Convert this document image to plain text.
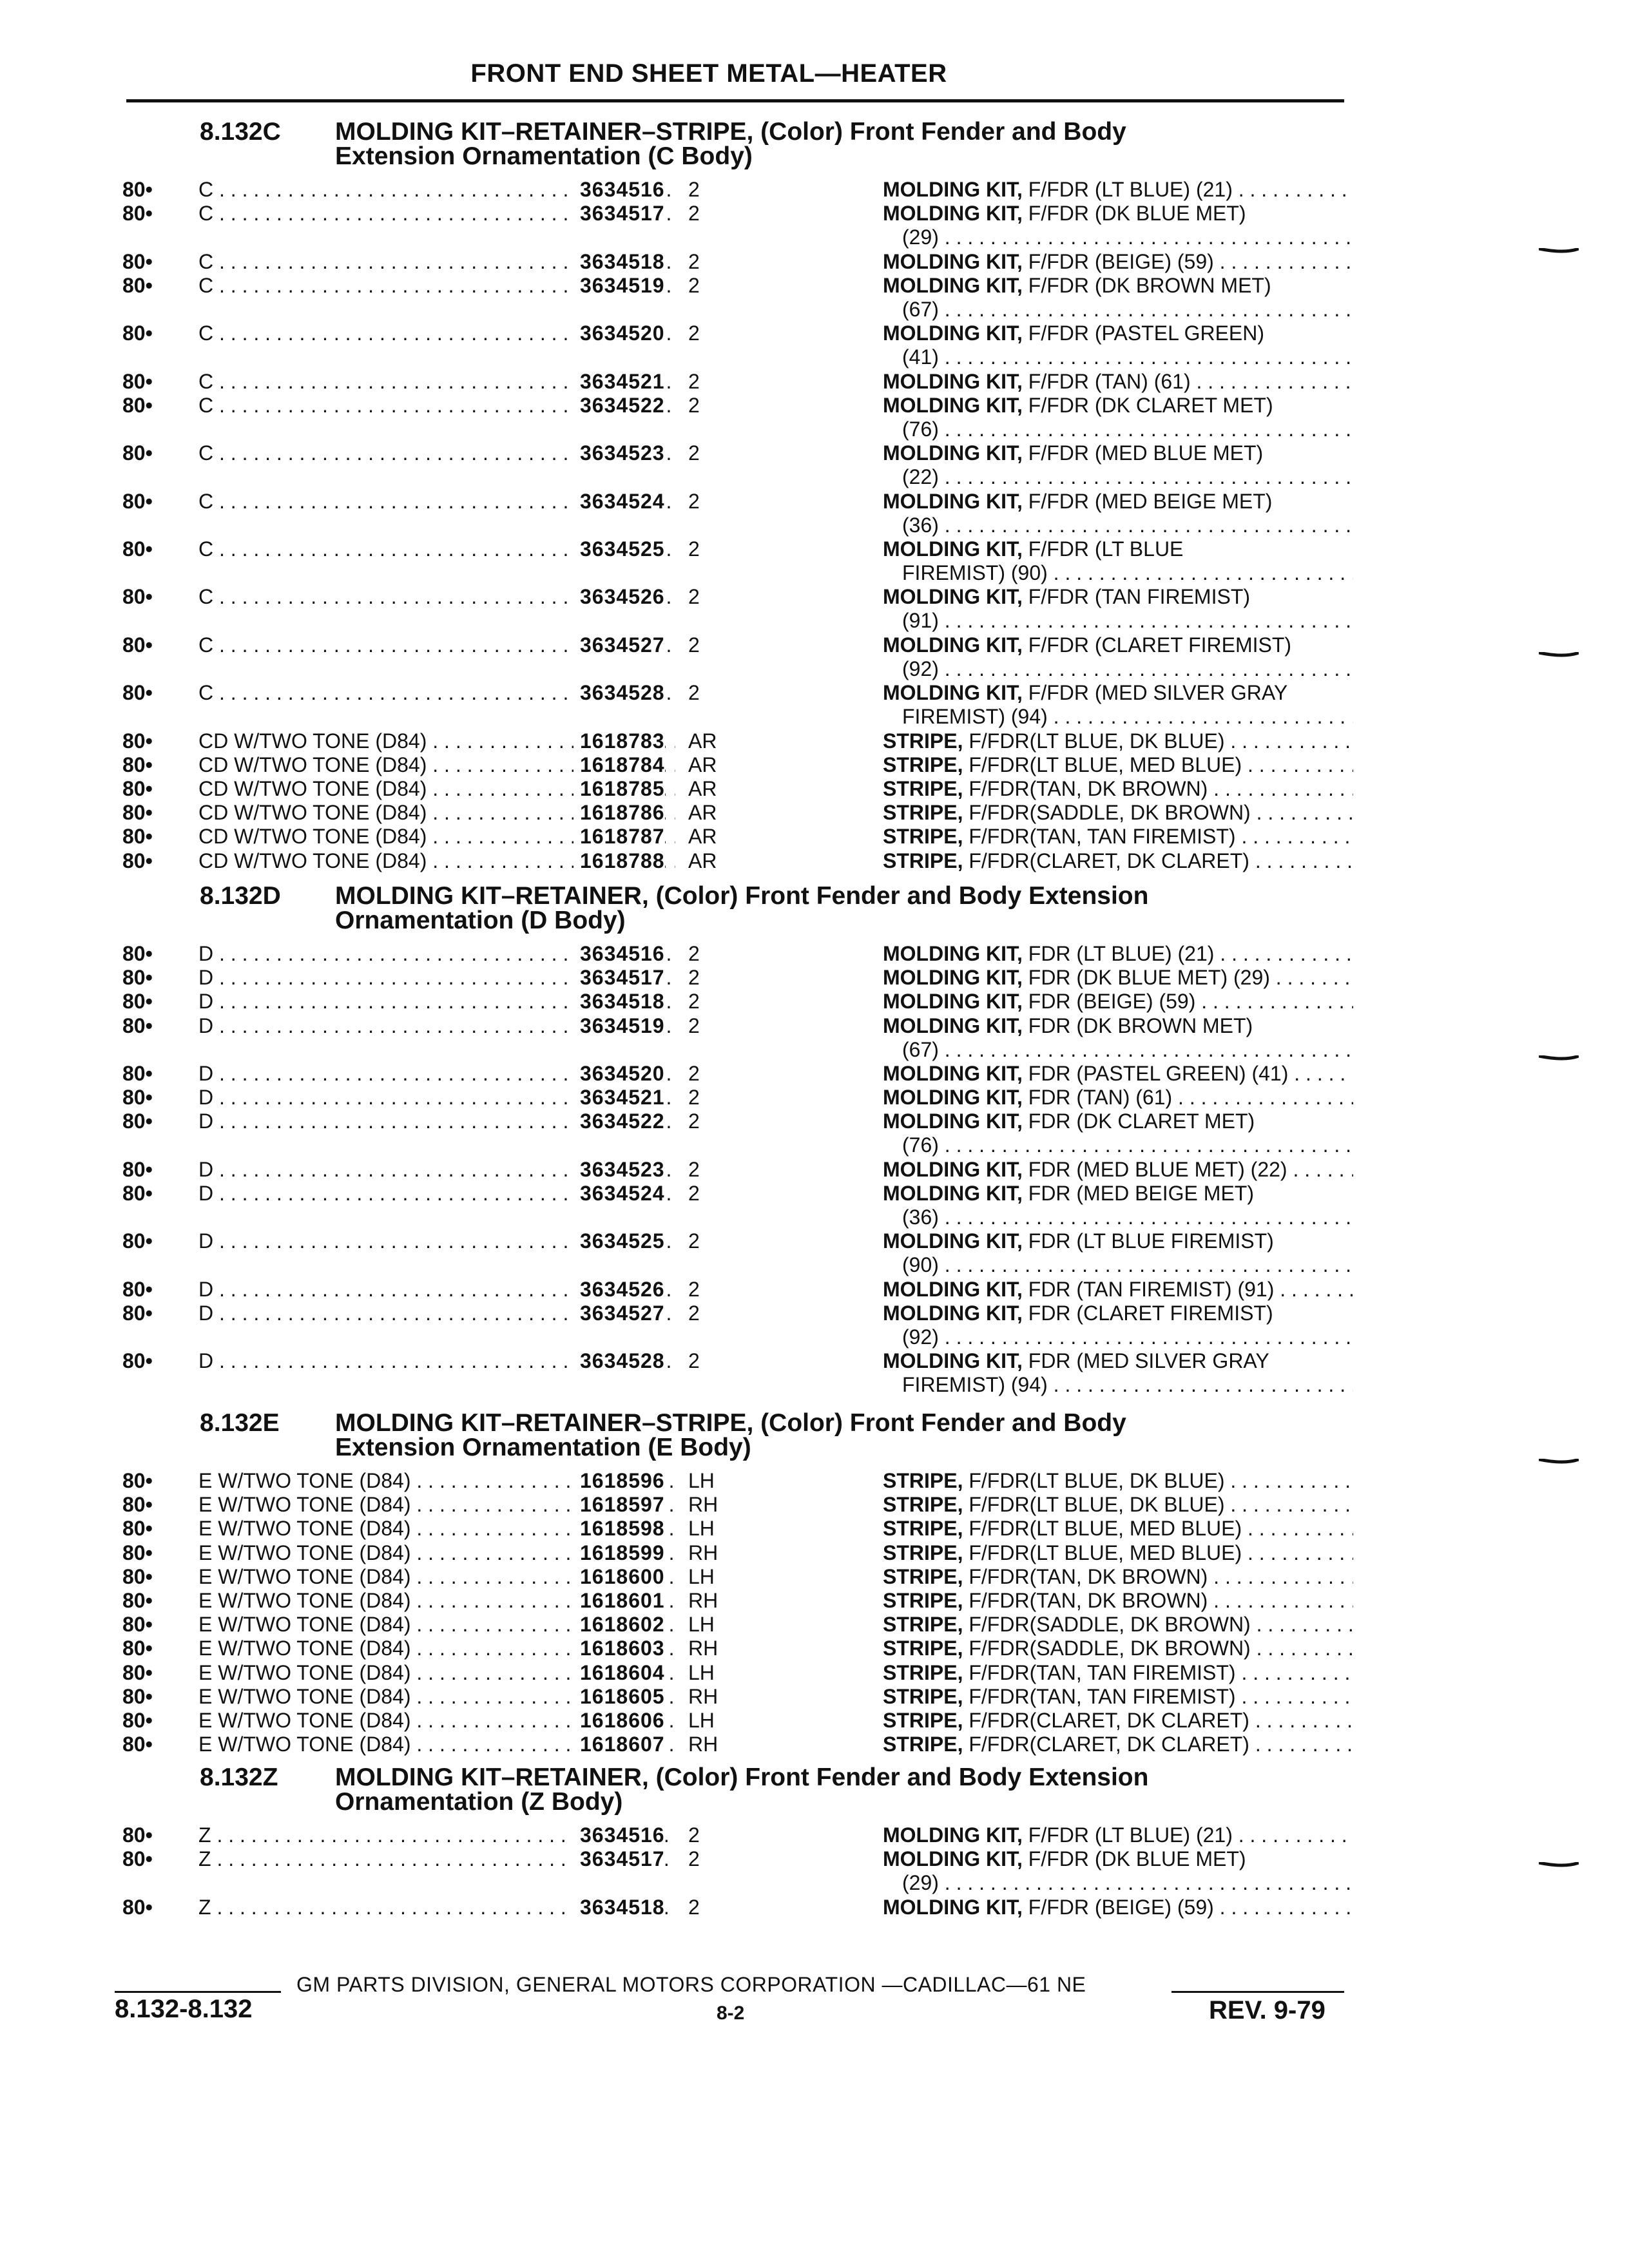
FRONT END SHEET METAL—HEATER
8.132C MOLDING KIT–RETAINER–STRIPE, (Color) Front Fender and Body
Extension Ornamentation (C Body)
80• C . . .	3634516 2	MOLDING KIT, F/FDR (LT BLUE) (21) . . .
80• C . . .	3634517 2	MOLDING KIT, F/FDR (DK BLUE MET)
(29) . . .
80• C . . .	3634518 2	MOLDING KIT, F/FDR (BEIGE) (59) . . .
80• C . . .	3634519 2	MOLDING KIT, F/FDR (DK BROWN MET)
(67) . . .
80• C . . .	3634520 2	MOLDING KIT, F/FDR (PASTEL GREEN)
(41) . . .
80• C . . .	3634521 2	MOLDING KIT, F/FDR (TAN) (61) . . .
80• C . . .	3634522 2	MOLDING KIT, F/FDR (DK CLARET MET)
(76) . . .
80• C . . .	3634523 2	MOLDING KIT, F/FDR (MED BLUE MET)
(22) . . .
80• C . . .	3634524 2	MOLDING KIT, F/FDR (MED BEIGE MET)
(36) . . .
80• C . . .	3634525 2	MOLDING KIT, F/FDR (LT BLUE
FIREMIST) (90) . . .
80• C . . .	3634526 2	MOLDING KIT, F/FDR (TAN FIREMIST)
(91) . . .
80• C . . .	3634527 2	MOLDING KIT, F/FDR (CLARET FIREMIST)
(92) . . .
80• C . . .	3634528 2	MOLDING KIT, F/FDR (MED SILVER GRAY
FIREMIST) (94) . . .
80• CD W/TWO TONE (D84) . . .	1618783 AR	STRIPE, F/FDR(LT BLUE, DK BLUE) . . .
80• CD W/TWO TONE (D84) . . .	1618784 AR	STRIPE, F/FDR(LT BLUE, MED BLUE) . . .
80• CD W/TWO TONE (D84) . . .	1618785 AR	STRIPE, F/FDR(TAN, DK BROWN) . . .
80• CD W/TWO TONE (D84) . . .	1618786 AR	STRIPE, F/FDR(SADDLE, DK BROWN) . . .
80• CD W/TWO TONE (D84) . . .	1618787 AR	STRIPE, F/FDR(TAN, TAN FIREMIST) . . .
80• CD W/TWO TONE (D84) . . .	1618788 AR	STRIPE, F/FDR(CLARET, DK CLARET) . . .
8.132D MOLDING KIT–RETAINER, (Color) Front Fender and Body Extension
Ornamentation (D Body)
80• D . . .	3634516 2	MOLDING KIT, FDR (LT BLUE) (21) . . .
80• D . . .	3634517 2	MOLDING KIT, FDR (DK BLUE MET) (29) . . .
80• D . . .	3634518 2	MOLDING KIT, FDR (BEIGE) (59) . . .
80• D . . .	3634519 2	MOLDING KIT, FDR (DK BROWN MET)
(67) . . .
80• D . . .	3634520 2	MOLDING KIT, FDR (PASTEL GREEN) (41) . . .
80• D . . .	3634521 2	MOLDING KIT, FDR (TAN) (61) . . .
80• D . . .	3634522 2	MOLDING KIT, FDR (DK CLARET MET)
(76) . . .
80• D . . .	3634523 2	MOLDING KIT, FDR (MED BLUE MET) (22) . . .
80• D . . .	3634524 2	MOLDING KIT, FDR (MED BEIGE MET)
(36) . . .
80• D . . .	3634525 2	MOLDING KIT, FDR (LT BLUE FIREMIST)
(90) . . .
80• D . . .	3634526 2	MOLDING KIT, FDR (TAN FIREMIST) (91) . . .
80• D . . .	3634527 2	MOLDING KIT, FDR (CLARET FIREMIST)
(92) . . .
80• D . . .	3634528 2	MOLDING KIT, FDR (MED SILVER GRAY
FIREMIST) (94) . . .
8.132E MOLDING KIT–RETAINER–STRIPE, (Color) Front Fender and Body
Extension Ornamentation (E Body)
80• E W/TWO TONE (D84) . . .	1618596 LH	STRIPE, F/FDR(LT BLUE, DK BLUE) . . .
80• E W/TWO TONE (D84) . . .	1618597 RH	STRIPE, F/FDR(LT BLUE, DK BLUE) . . .
80• E W/TWO TONE (D84) . . .	1618598 LH	STRIPE, F/FDR(LT BLUE, MED BLUE) . . .
80• E W/TWO TONE (D84) . . .	1618599 RH	STRIPE, F/FDR(LT BLUE, MED BLUE) . . .
80• E W/TWO TONE (D84) . . .	1618600 LH	STRIPE, F/FDR(TAN, DK BROWN) . . .
80• E W/TWO TONE (D84) . . .	1618601 RH	STRIPE, F/FDR(TAN, DK BROWN) . . .
80• E W/TWO TONE (D84) . . .	1618602 LH	STRIPE, F/FDR(SADDLE, DK BROWN) . . .
80• E W/TWO TONE (D84) . . .	1618603 RH	STRIPE, F/FDR(SADDLE, DK BROWN) . . .
80• E W/TWO TONE (D84) . . .	1618604 LH	STRIPE, F/FDR(TAN, TAN FIREMIST) . . .
80• E W/TWO TONE (D84) . . .	1618605 RH	STRIPE, F/FDR(TAN, TAN FIREMIST) . . .
80• E W/TWO TONE (D84) . . .	1618606 LH	STRIPE, F/FDR(CLARET, DK CLARET) . . .
80• E W/TWO TONE (D84) . . .	1618607 RH	STRIPE, F/FDR(CLARET, DK CLARET) . . .
8.132Z MOLDING KIT–RETAINER, (Color) Front Fender and Body Extension
Ornamentation (Z Body)
80• Z . . .	3634516 2	MOLDING KIT, F/FDR (LT BLUE) (21) . . .
80• Z . . .	3634517 2	MOLDING KIT, F/FDR (DK BLUE MET)
(29) . . .
80• Z . . .	3634518 2	MOLDING KIT, F/FDR (BEIGE) (59) . . .
GM PARTS DIVISION, GENERAL MOTORS CORPORATION —CADILLAC—61 NE
8.132-8.132	8-2	REV. 9-79
